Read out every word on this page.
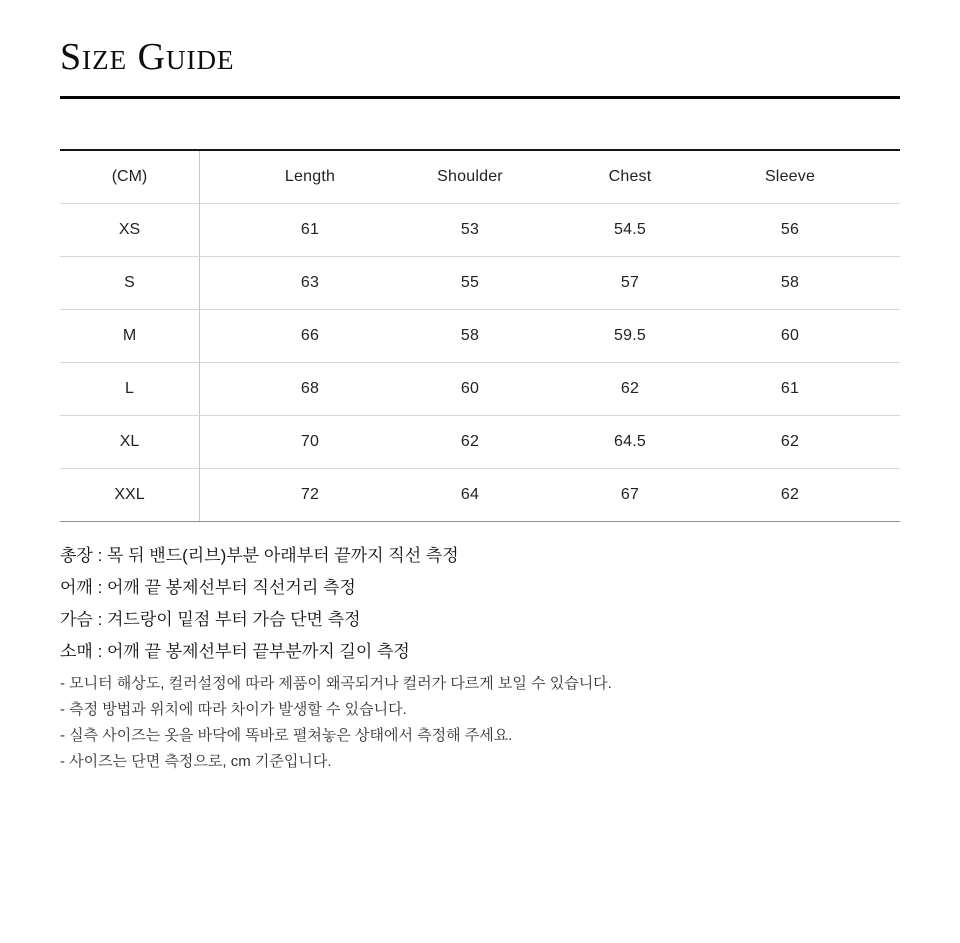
Size Guide
(CM)	Length	Shoulder	Chest	Sleeve
XS	61	53	54.5	56
S	63	55	57	58
M	66	58	59.5	60
L	68	60	62	61
XL	70	62	64.5	62
XXL	72	64	67	62

총장 : 목 뒤 밴드(리브)부분 아래부터 끝까지 직선 측정

어깨 : 어깨 끝 봉제선부터 직선거리 측정

가슴 : 겨드랑이 밑점 부터 가슴 단면 측정

소매 : 어깨 끝 봉제선부터 끝부분까지 길이 측정

- 모니터 해상도, 컬러설정에 따라 제품이 왜곡되거나 컬러가 다르게 보일 수 있습니다.

- 측정 방법과 위치에 따라 차이가 발생할 수 있습니다.

- 실측 사이즈는 옷을 바닥에 똑바로 펼쳐놓은 상태에서 측정해 주세요.

- 사이즈는 단면 측정으로, cm 기준입니다.
